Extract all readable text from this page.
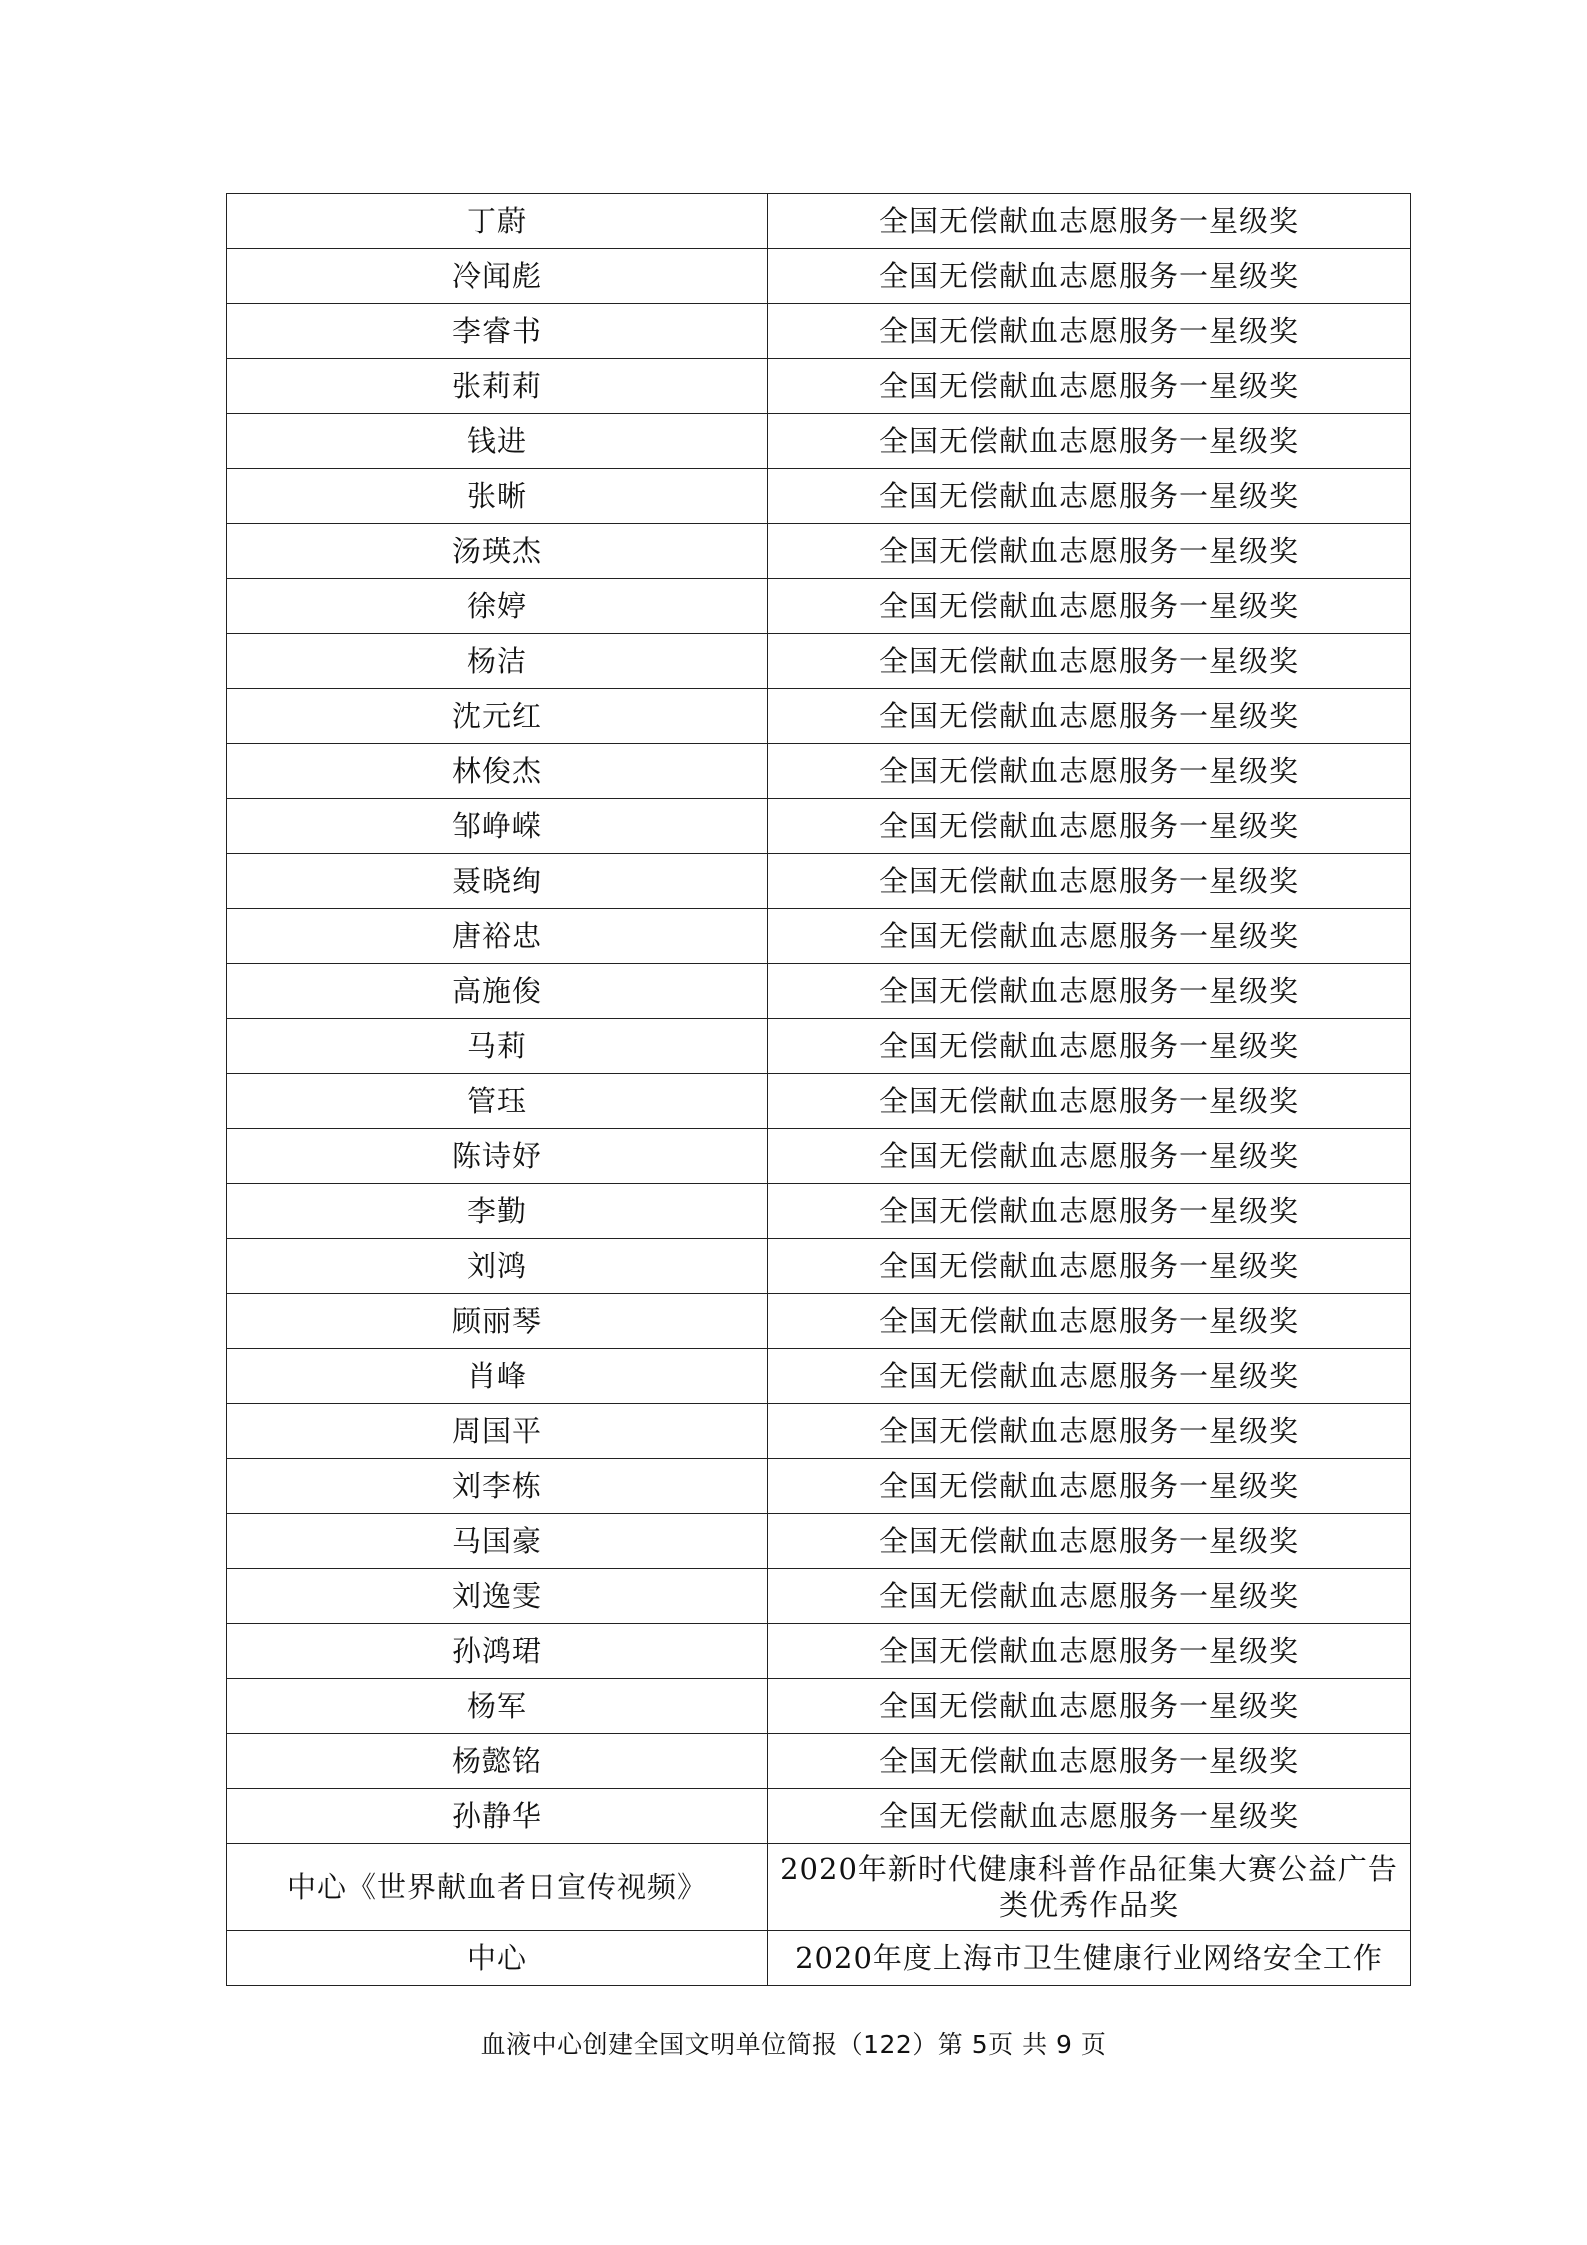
丁蔚	全国无偿献血志愿服务一星级奖
冷闻彪	全国无偿献血志愿服务一星级奖
李睿书	全国无偿献血志愿服务一星级奖
张莉莉	全国无偿献血志愿服务一星级奖
钱进	全国无偿献血志愿服务一星级奖
张晰	全国无偿献血志愿服务一星级奖
汤瑛杰	全国无偿献血志愿服务一星级奖
徐婷	全国无偿献血志愿服务一星级奖
杨洁	全国无偿献血志愿服务一星级奖
沈元红	全国无偿献血志愿服务一星级奖
林俊杰	全国无偿献血志愿服务一星级奖
邹峥嵘	全国无偿献血志愿服务一星级奖
聂晓绚	全国无偿献血志愿服务一星级奖
唐裕忠	全国无偿献血志愿服务一星级奖
高施俊	全国无偿献血志愿服务一星级奖
马莉	全国无偿献血志愿服务一星级奖
管珏	全国无偿献血志愿服务一星级奖
陈诗妤	全国无偿献血志愿服务一星级奖
李勤	全国无偿献血志愿服务一星级奖
刘鸿	全国无偿献血志愿服务一星级奖
顾丽琴	全国无偿献血志愿服务一星级奖
肖峰	全国无偿献血志愿服务一星级奖
周国平	全国无偿献血志愿服务一星级奖
刘李栋	全国无偿献血志愿服务一星级奖
马国豪	全国无偿献血志愿服务一星级奖
刘逸雯	全国无偿献血志愿服务一星级奖
孙鸿珺	全国无偿献血志愿服务一星级奖
杨军	全国无偿献血志愿服务一星级奖
杨懿铭	全国无偿献血志愿服务一星级奖
孙静华	全国无偿献血志愿服务一星级奖
中心《世界献血者日宣传视频》	2020年新时代健康科普作品征集大赛公益广告类优秀作品奖
中心	2020年度上海市卫生健康行业网络安全工作
血液中心创建全国文明单位简报（122）第 5页 共 9 页
